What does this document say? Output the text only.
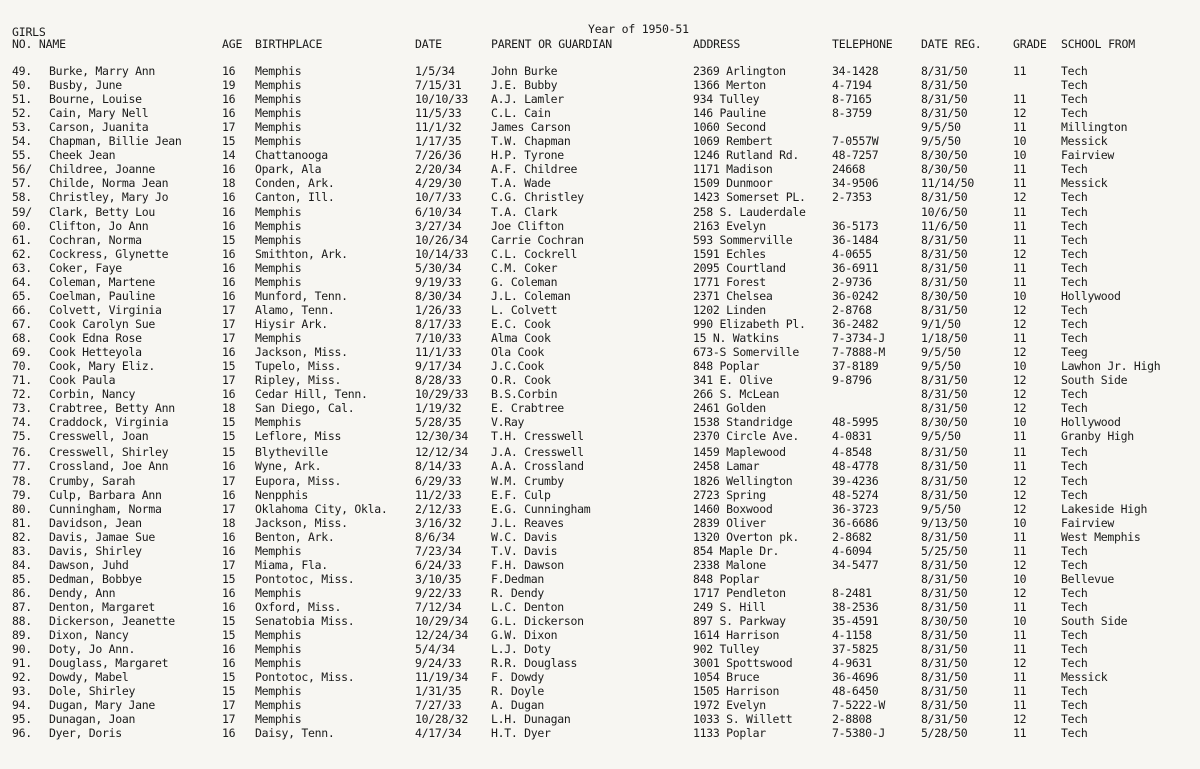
GIRLS
NO. NAME	AGE BIRTHPLACE
Year of 1950-51
DATE	PARENT OR GUARDIAN	ADDRESS	TELEPHONE DATE REG.	GRADE SCHOOL FROM
49. Burke, Marry Ann	16 Memphis	1/5/34	John Burke	2369 Arlington	34-1428	8/31/50	11	Tech
50. Busby, June	19 Memphis	7/15/31	J.E. Bubby	1366 Merton	4-7194	8/31/50	Tech
51. Bourne, Louise	16 Memphis	10/10/33 A.J. Lamler	934 Tulley	8-7165	8/31/50	11	Tech
52. Cain, Mary Nell	16 Memphis	11/5/33	C.L. Cain	146 Pauline	8-3759	8/31/50	12	Tech
53. Carson, Juanita	17 Memphis	11/1/32	James Carson	1060 Second	9/5/50	11	Millington
54. Chapman, Billie Jean	15 Memphis	1/17/35	T.W. Chapman	1069 Rembert	7-0557W	9/5/50	10	Messick
55. Cheek Jean	14 Chattanooga	7/26/36	H.P. Tyrone	1246 Rutland Rd.	48-7257	8/30/50	10	Fairview
56/ Childree, Joanne	16 Opark, Ala	2/20/34	A.F. Childree	1171 Madison	24668	8/30/50	11	Tech
57. Childe, Norma Jean	18 Conden, Ark.	4/29/30	T.A. Wade	1509 Dunmoor	34-9506	11/14/50	11	Messick
58. Christley, Mary Jo	16 Canton, Ill.	10/7/33	C.G. Christley	1423 Somerset PL. 2-7353	8/31/50	12	Tech
59/ Clark, Betty Lou	16 Memphis	6/10/34	T.A. Clark	258 S. Lauderdale	10/6/50	11	Tech
60. Clifton, Jo Ann	16 Memphis	3/27/34	Joe Clifton	2163 Evelyn	36-5173	11/6/50	11	Tech
61. Cochran, Norma	15 Memphis	10/26/34 Carrie Cochran	593 Sommerville	36-1484	8/31/50	11	Tech
62. Cockress, Glynette	16 Smithton, Ark.	10/14/33 C.L. Cockrell	1591 Echles	4-0655	8/31/50	12	Tech
63. Coker, Faye	16 Memphis	5/30/34	C.M. Coker	2095 Courtland	36-6911	8/31/50	11	Tech
64. Coleman, Martene	16 Memphis	9/19/33	G. Coleman	1771 Forest	2-9736	8/31/50	11	Tech
65. Coelman, Pauline	16 Munford, Tenn.	8/30/34	J.L. Coleman	2371 Chelsea	36-0242	8/30/50	10	Hollywood
66. Colvett, Virginia	17 Alamo, Tenn.	1/26/33	L. Colvett	1202 Linden	2-8768	8/31/50	12	Tech
67. Cook Carolyn Sue	17 Hiysir Ark.	8/17/33	E.C. Cook	990 Elizabeth Pl. 36-2482	9/1/50	12	Tech
68. Cook Edna Rose	17 Memphis	7/10/33	Alma Cook	15 N. Watkins	7-3734-J	1/18/50	11	Tech
69. Cook Hetteyola	16 Jackson, Miss.	11/1/33	Ola Cook	673-S Somerville	7-7888-M	9/5/50	12	Teeg
70. Cook, Mary Eliz.	15 Tupelo, Miss.	9/17/34	J.C.Cook	848 Poplar	37-8189	9/5/50	10	Lawhon Jr. High
71. Cook Paula	17 Ripley, Miss.	8/28/33	O.R. Cook	341 E. Olive	9-8796	8/31/50	12	South Side
72. Corbin, Nancy	16 Cedar Hill, Tenn.	10/29/33 B.S.Corbin	266 S. McLean	8/31/50	12	Tech
73. Crabtree, Betty Ann	18 San Diego, Cal.	1/19/32	E. Crabtree	2461 Golden	8/31/50	12	Tech
74. Craddock, Virginia	15 Memphis	5/28/35	V.Ray	1538 Standridge	48-5995	8/30/50	10	Hollywood
75. Cresswell, Joan	15 Leflore, Miss	12/30/34 T.H. Cresswell	2370 Circle Ave.	4-0831	9/5/50	11	Granby High
76. Cresswell, Shirley	15 Blytheville	12/12/34 J.A. Cresswell	1459 Maplewood	4-8548	8/31/50	11	Tech
77. Crossland, Joe Ann	16 Wyne, Ark.	8/14/33	A.A. Crossland	2458 Lamar	48-4778	8/31/50	11	Tech
78. Crumby, Sarah	17 Eupora, Miss.	6/29/33	W.M. Crumby	1826 Wellington	39-4236	8/31/50	12	Tech
79. Culp, Barbara Ann	16 Nenpphis	11/2/33	E.F. Culp	2723 Spring	48-5274	8/31/50	12	Tech
80. Cunningham, Norma	17 Oklahoma City, Okla. 2/12/33	E.G. Cunningham	1460 Boxwood	36-3723	9/5/50	12	Lakeside High
81. Davidson, Jean	18 Jackson, Miss.	3/16/32	J.L. Reaves	2839 Oliver	36-6686	9/13/50	10	Fairview
82. Davis, Jamae Sue	16 Benton, Ark.	8/6/34	W.C. Davis	1320 Overton pk.	2-8682	8/31/50	11	West Memphis
83. Davis, Shirley	16 Memphis	7/23/34	T.V. Davis	854 Maple Dr.	4-6094	5/25/50	11	Tech
84. Dawson, Juhd	17 Miama, Fla.	6/24/33	F.H. Dawson	2338 Malone	34-5477	8/31/50	12	Tech
85. Dedman, Bobbye	15 Pontotoc, Miss.	3/10/35	F.Dedman	848 Poplar	8/31/50	10	Bellevue
86. Dendy, Ann	16 Memphis	9/22/33	R. Dendy	1717 Pendleton	8-2481	8/31/50	12	Tech
87. Denton, Margaret	16 Oxford, Miss.	7/12/34	L.C. Denton	249 S. Hill	38-2536	8/31/50	11	Tech
88. Dickerson, Jeanette	15 Senatobia Miss.	10/29/34 G.L. Dickerson	897 S. Parkway	35-4591	8/30/50	10	South Side
89. Dixon, Nancy	15 Memphis	12/24/34 G.W. Dixon	1614 Harrison	4-1158	8/31/50	11	Tech
90. Doty, Jo Ann.	16 Memphis	5/4/34	L.J. Doty	902 Tulley	37-5825	8/31/50	11	Tech
91. Douglass, Margaret	16 Memphis	9/24/33	R.R. Douglass	3001 Spottswood	4-9631	8/31/50	12	Tech
92. Dowdy, Mabel	15 Pontotoc, Miss.	11/19/34 F. Dowdy	1054 Bruce	36-4696	8/31/50	11	Messick
93. Dole, Shirley	15 Memphis	1/31/35	R. Doyle	1505 Harrison	48-6450	8/31/50	11	Tech
94. Dugan, Mary Jane	17 Memphis	7/27/33	A. Dugan	1972 Evelyn	7-5222-W	8/31/50	11	Tech
95. Dunagan, Joan	17 Memphis	10/28/32 L.H. Dunagan	1033 S. Willett	2-8808	8/31/50	12	Tech
96. Dyer, Doris	16 Daisy, Tenn.	4/17/34	H.T. Dyer	1133 Poplar	7-5380-J	5/28/50	11	Tech
